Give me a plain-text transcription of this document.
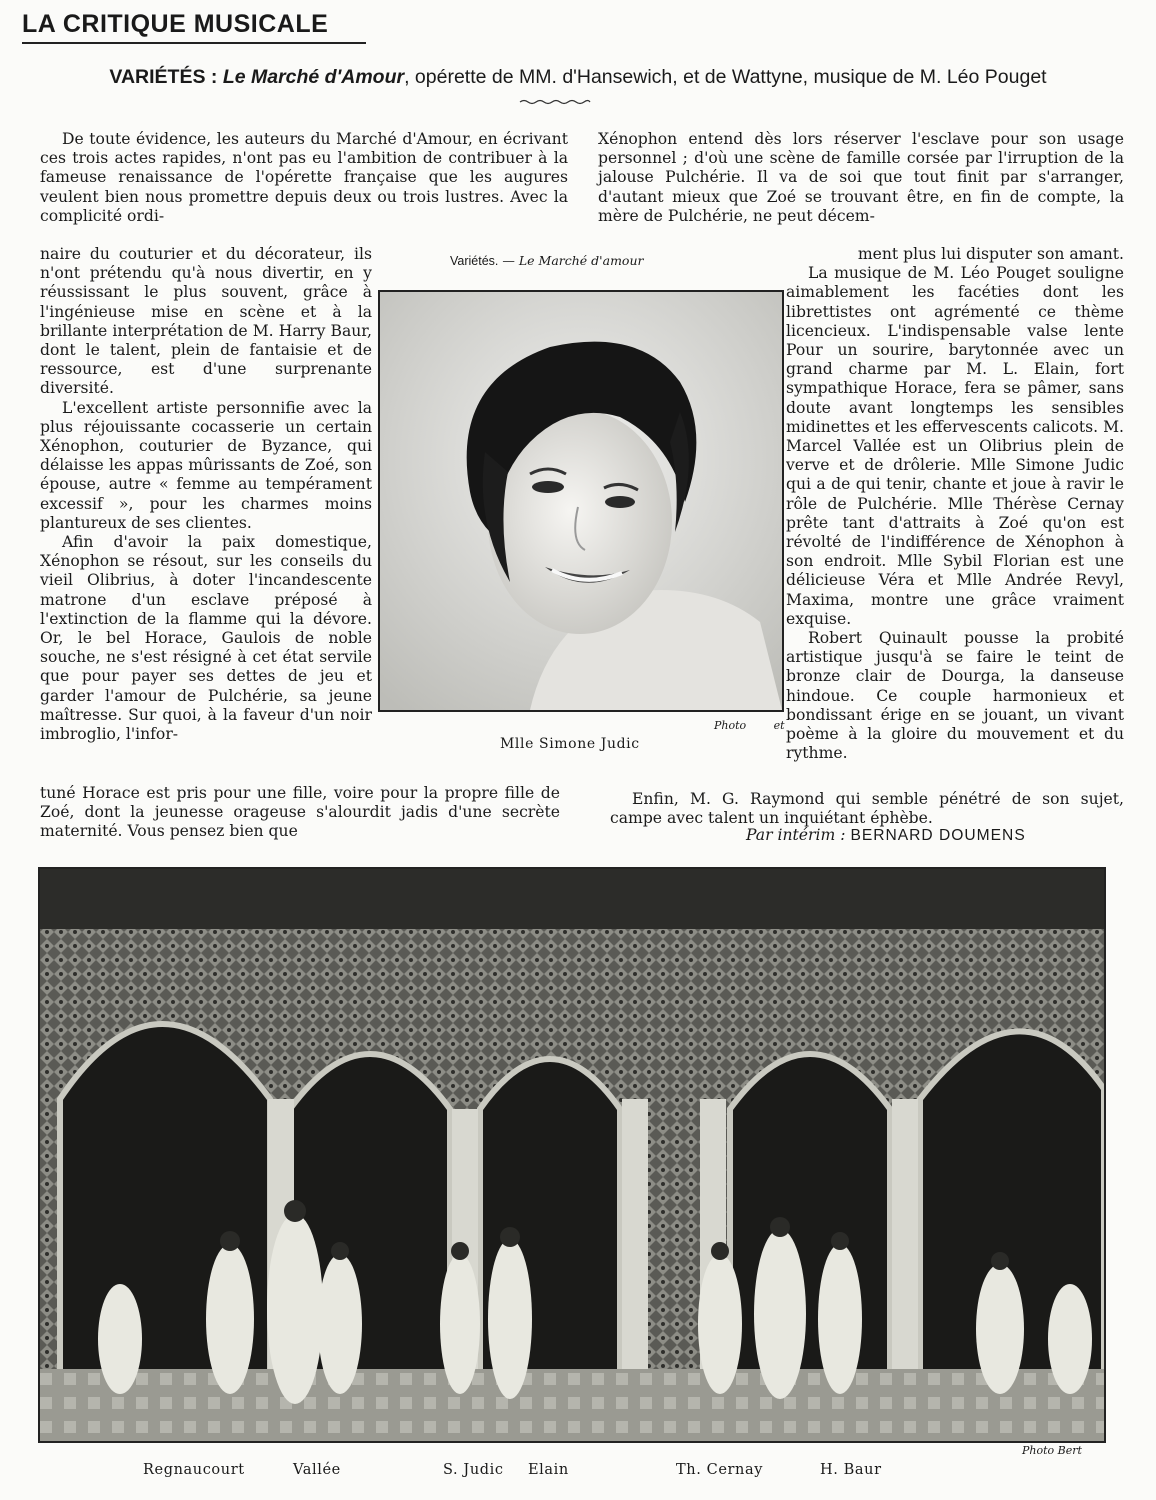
LA CRITIQUE MUSICALE
VARIÉTÉS : Le Marché d'Amour, opérette de MM. d'Hansewich, et de Wattyne, musique de M. Léo Pouget

De toute évidence, les auteurs du Marché d'Amour, en écrivant ces trois actes rapides, n'ont pas eu l'ambition de contribuer à la fameuse renaissance de l'opérette française que les augures veulent bien nous promettre depuis deux ou trois lustres. Avec la complicité ordi-

naire du couturier et du décorateur, ils n'ont prétendu qu'à nous divertir, en y réussissant le plus souvent, grâce à l'ingénieuse mise en scène et à la brillante interprétation de M. Harry Baur, dont le talent, plein de fantaisie et de ressource, est d'une surprenante diversité.

L'excellent artiste personnifie avec la plus réjouissante cocasserie un certain Xénophon, couturier de Byzance, qui délaisse les appas mûrissants de Zoé, son épouse, autre « femme au tempérament excessif », pour les charmes moins plantureux de ses clientes.

Afin d'avoir la paix domestique, Xénophon se résout, sur les conseils du vieil Olibrius, à doter l'incandescente matrone d'un esclave préposé à l'extinction de la flamme qui la dévore. Or, le bel Horace, Gaulois de noble souche, ne s'est résigné à cet état servile que pour payer ses dettes de jeu et garder l'amour de Pulchérie, sa jeune maîtresse. Sur quoi, à la faveur d'un noir imbroglio, l'infor-

tuné Horace est pris pour une fille, voire pour la propre fille de Zoé, dont la jeunesse orageuse s'alourdit jadis d'une secrète maternité. Vous pensez bien que

Xénophon entend dès lors réserver l'esclave pour son usage personnel ; d'où une scène de famille corsée par l'irruption de la jalouse Pulchérie. Il va de soi que tout finit par s'arranger, d'autant mieux que Zoé se trouvant être, en fin de compte, la mère de Pulchérie, ne peut décem-

ment plus lui disputer son amant.

La musique de M. Léo Pouget souligne aimablement les facéties dont les librettistes ont agrémenté ce thème licencieux. L'indispensable valse lente Pour un sourire, barytonnée avec un grand charme par M. L. Elain, fort sympathique Horace, fera se pâmer, sans doute avant longtemps les sensibles midinettes et les effervescents calicots. M. Marcel Vallée est un Olibrius plein de verve et de drôlerie. Mlle Simone Judic qui a de qui tenir, chante et joue à ravir le rôle de Pulchérie. Mlle Thérèse Cernay prête tant d'attraits à Zoé qu'on est révolté de l'indifférence de Xénophon à son endroit. Mlle Sybil Florian est une délicieuse Véra et Mlle Andrée Revyl, Maxima, montre une grâce vraiment exquise.

Robert Quinault pousse la probité artistique jusqu'à se faire le teint de bronze clair de Dourga, la danseuse hindoue. Ce couple harmonieux et bondissant érige en se jouant, un vivant poème à la gloire du mouvement et du rythme.

Enfin, M. G. Raymond qui semble pénétré de son sujet, campe avec talent un inquiétant éphèbe.

Par intérim : BERNARD DOUMENS
Variétés. — Le Marché d'amour
Photo	et
Mlle Simone Judic
Photo Bert
Regnaucourt	Vallée	S. Judic Elain	Th. Cernay	H. Baur
